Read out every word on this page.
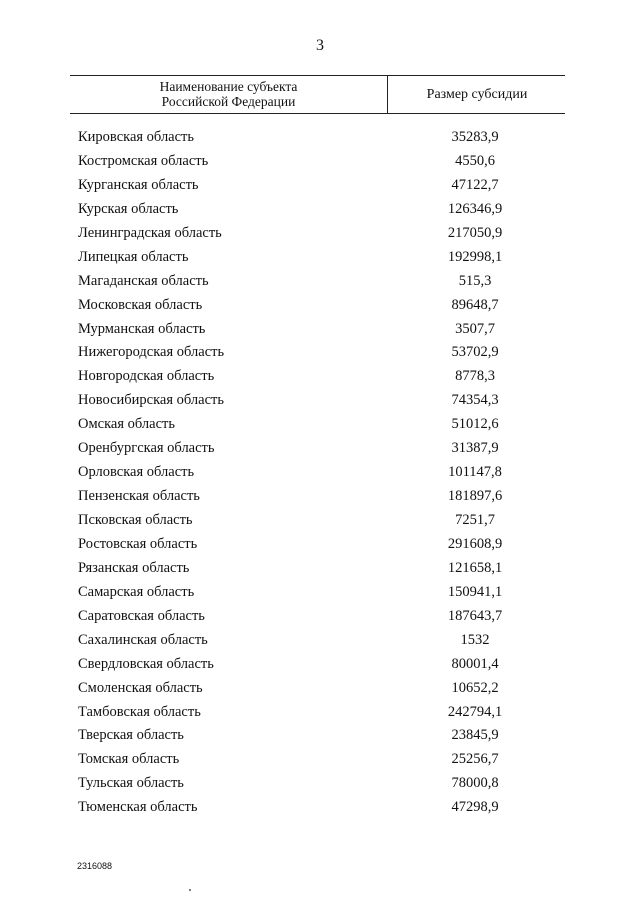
3
Наименование субъекта
Российской Федерации	Размер субсидии
Кировская область	35283,9
Костромская область	4550,6
Курганская область	47122,7
Курская область	126346,9
Ленинградская область	217050,9
Липецкая область	192998,1
Магаданская область	515,3
Московская область	89648,7
Мурманская область	3507,7
Нижегородская область	53702,9
Новгородская область	8778,3
Новосибирская область	74354,3
Омская область	51012,6
Оренбургская область	31387,9
Орловская область	101147,8
Пензенская область	181897,6
Псковская область	7251,7
Ростовская область	291608,9
Рязанская область	121658,1
Самарская область	150941,1
Саратовская область	187643,7
Сахалинская область	1532
Свердловская область	80001,4
Смоленская область	10652,2
Тамбовская область	242794,1
Тверская область	23845,9
Томская область	25256,7
Тульская область	78000,8
Тюменская область	47298,9
2316088
